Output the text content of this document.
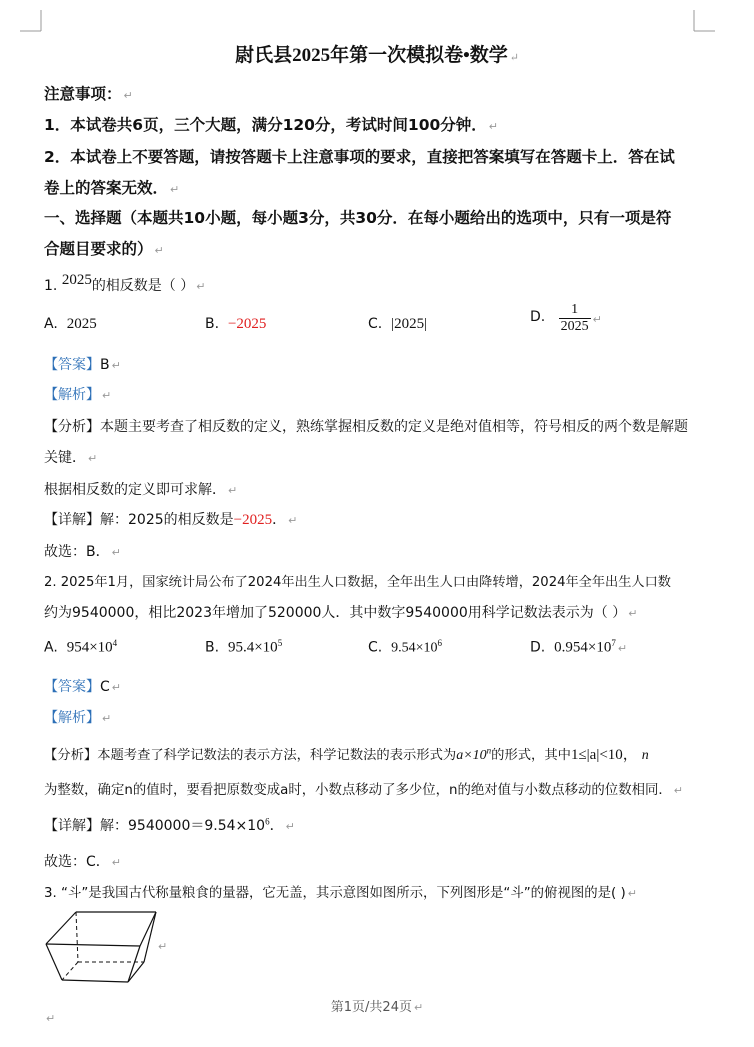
尉氏县2025年第一次模拟卷•数学 ↵
注意事项： ↵
1．本试卷共6页，三个大题，满分120分，考试时间100分钟． ↵
2．本试卷上不要答题，请按答题卡上注意事项的要求，直接把答案填写在答题卡上．答在试
卷上的答案无效． ↵
一、选择题（本题共10小题，每小题3分，共30分．在每小题给出的选项中，只有一项是符
合题目要求的） ↵
1. 2025的相反数是（ ） ↵
A. 2025	B. −2025	C. |2025|	D. $\frac{1}{2025}$ ↵
【答案】B ↵
【解析】 ↵
【分析】本题主要考查了相反数的定义，熟练掌握相反数的定义是绝对值相等，符号相反的两个数是解题
关键． ↵
根据相反数的定义即可求解． ↵
【详解】解：2025的相反数是−2025． ↵
故选：B． ↵
2. 2025年1月，国家统计局公布了2024年出生人口数据，全年出生人口由降转增，2024年全年出生人口数
约为9540000，相比2023年增加了520000人．其中数字9540000用科学记数法表示为（ ） ↵
A. $954\times 10^4$	B. $95.4\times 10^5$	C. $9.54\times 10^6$	D. $0.954\times 10^7$ ↵
【答案】C ↵
【解析】 ↵
【分析】本题考查了科学记数法的表示方法，科学记数法的表示形式为$a\times 10^n$的形式，其中1≤|a|<10， n
为整数，确定n的值时，要看把原数变成a时，小数点移动了多少位，n的绝对值与小数点移动的位数相同． ↵
【详解】解：$9540000=9.54\times 10^6$． ↵
故选：C． ↵
3. “斗”是我国古代称量粮食的量器，它无盖，其示意图如图所示，下列图形是“斗”的俯视图的是( ) ↵
↵
第1页/共24页 ↵
↵
